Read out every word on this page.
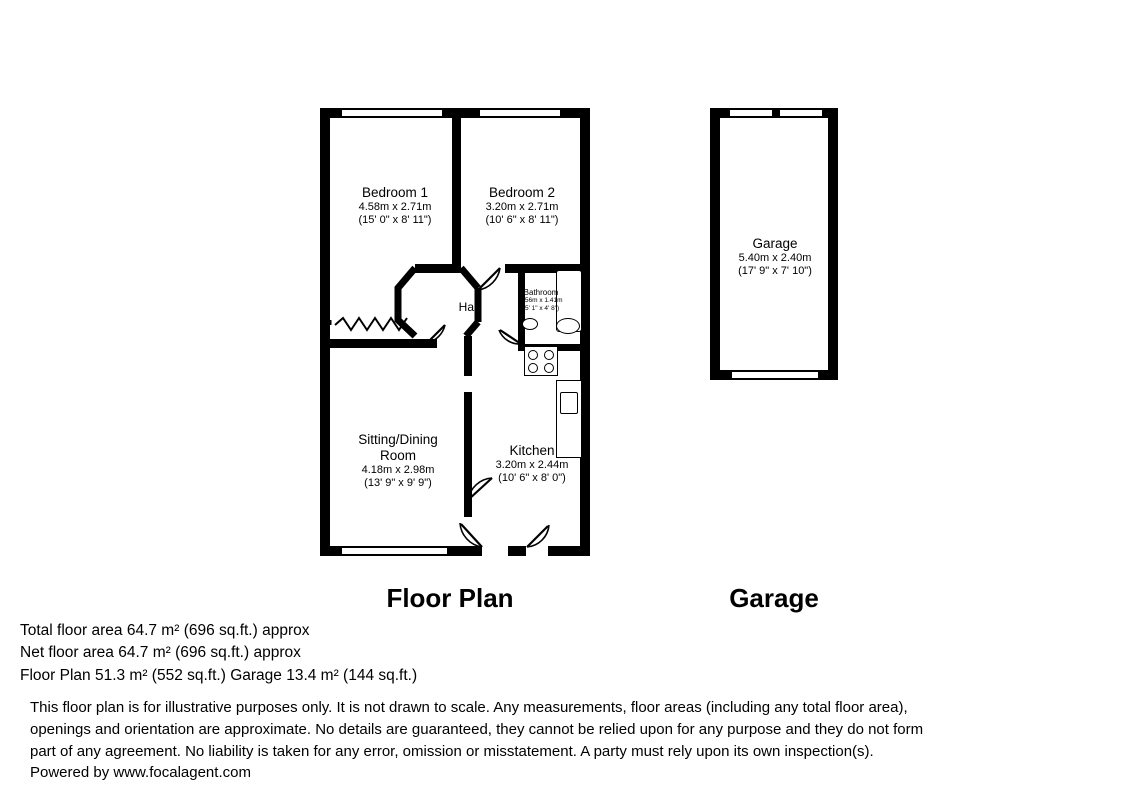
Bedroom 1
4.58m x 2.71m
(15' 0" x 8' 11")
Bedroom 2
3.20m x 2.71m
(10' 6" x 8' 11")
Hall
Bathroom
1.56m x 1.41m
(5' 1" x 4' 8")
Sitting/Dining
Room
4.18m x 2.98m
(13' 9" x 9' 9")
Kitchen
3.20m x 2.44m
(10' 6" x 8' 0")
Garage
5.40m x 2.40m
(17' 9" x 7' 10")
Floor Plan	Garage
Total floor area 64.7 m² (696 sq.ft.) approx
Net floor area 64.7 m² (696 sq.ft.) approx
Floor Plan 51.3 m² (552 sq.ft.) Garage 13.4 m² (144 sq.ft.)
This floor plan is for illustrative purposes only. It is not drawn to scale. Any measurements, floor areas (including any total floor area),
openings and orientation are approximate. No details are guaranteed, they cannot be relied upon for any purpose and they do not form
part of any agreement. No liability is taken for any error, omission or misstatement. A party must rely upon its own inspection(s).
Powered by www.focalagent.com
